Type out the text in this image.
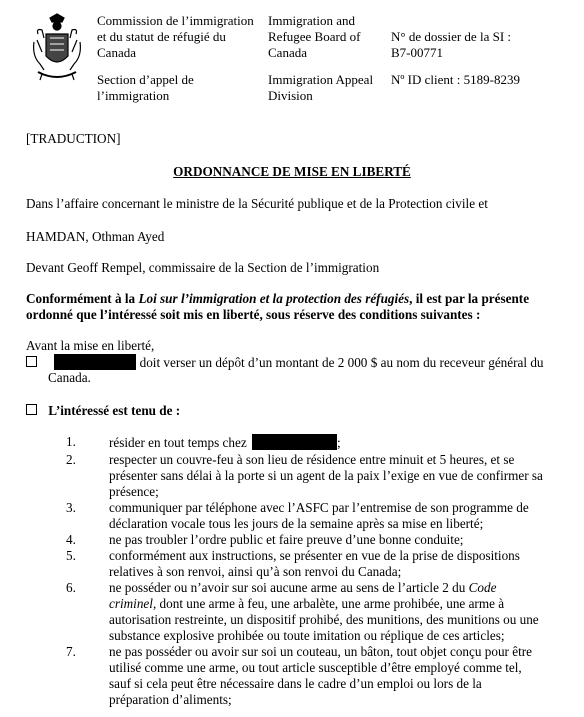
Commission de l’immigration
et du statut de réfugié du
Canada
Immigration and
Refugee Board of
Canada
N° de dossier de la SI :
B7-00771
Section d’appel de
l’immigration
Immigration Appeal
Division
Nº ID client : 5189-8239
[TRADUCTION]
ORDONNANCE DE MISE EN LIBERTÉ
Dans l’affaire concernant le ministre de la Sécurité publique et de la Protection civile et
HAMDAN, Othman Ayed
Devant Geoff Rempel, commissaire de la Section de l’immigration
Conformément à la Loi sur l’immigration et la protection des réfugiés, il est par la présente
ordonné que l’intéressé soit mis en liberté, sous réserve des conditions suivantes :
Avant la mise en liberté,
doit verser un dépôt d’un montant de 2 000 $ au nom du receveur général du
Canada.
L’intéressé est tenu de :
1.	résider en tout temps chez	;
2.	respecter un couvre-feu à son lieu de résidence entre minuit et 5 heures, et se
présenter sans délai à la porte si un agent de la paix l’exige en vue de confirmer sa
présence;
3.	communiquer par téléphone avec l’ASFC par l’entremise de son programme de
déclaration vocale tous les jours de la semaine après sa mise en liberté;
4.	ne pas troubler l’ordre public et faire preuve d’une bonne conduite;
5.	conformément aux instructions, se présenter en vue de la prise de dispositions
relatives à son renvoi, ainsi qu’à son renvoi du Canada;
6.	ne posséder ou n’avoir sur soi aucune arme au sens de l’article 2 du Code
criminel, dont une arme à feu, une arbalète, une arme prohibée, une arme à
autorisation restreinte, un dispositif prohibé, des munitions, des munitions ou une
substance explosive prohibée ou toute imitation ou réplique de ces articles;
7.	ne pas posséder ou avoir sur soi un couteau, un bâton, tout objet conçu pour être
utilisé comme une arme, ou tout article susceptible d’être employé comme tel,
sauf si cela peut être nécessaire dans le cadre d’un emploi ou lors de la
préparation d’aliments;
